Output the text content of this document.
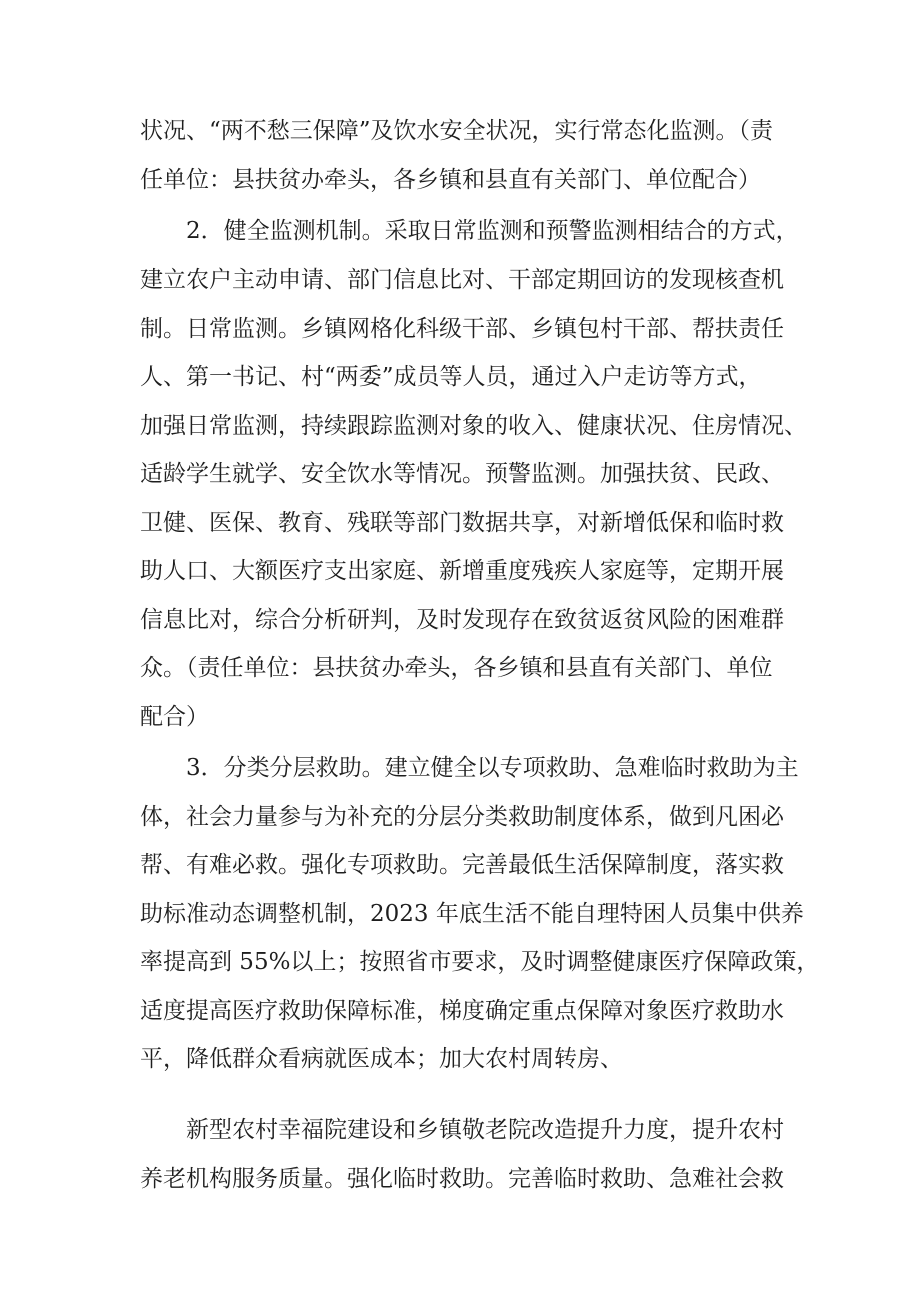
状况、“两不愁三保障”及饮水安全状况，实行常态化监测。（责

任单位：县扶贫办牵头，各乡镇和县直有关部门、单位配合）

2．健全监测机制。采取日常监测和预警监测相结合的方式，

建立农户主动申请、部门信息比对、干部定期回访的发现核查机

制。日常监测。乡镇网格化科级干部、乡镇包村干部、帮扶责任

人、第一书记、村“两委”成员等人员，通过入户走访等方式，

加强日常监测，持续跟踪监测对象的收入、健康状况、住房情况、

适龄学生就学、安全饮水等情况。预警监测。加强扶贫、民政、

卫健、医保、教育、残联等部门数据共享，对新增低保和临时救

助人口、大额医疗支出家庭、新增重度残疾人家庭等，定期开展

信息比对，综合分析研判，及时发现存在致贫返贫风险的困难群

众。（责任单位：县扶贫办牵头，各乡镇和县直有关部门、单位

配合）

3．分类分层救助。建立健全以专项救助、急难临时救助为主

体，社会力量参与为补充的分层分类救助制度体系，做到凡困必

帮、有难必救。强化专项救助。完善最低生活保障制度，落实救

助标准动态调整机制，2023 年底生活不能自理特困人员集中供养

率提高到 55%以上；按照省市要求，及时调整健康医疗保障政策，

适度提高医疗救助保障标准，梯度确定重点保障对象医疗救助水

平，降低群众看病就医成本；加大农村周转房、

新型农村幸福院建设和乡镇敬老院改造提升力度，提升农村

养老机构服务质量。强化临时救助。完善临时救助、急难社会救
